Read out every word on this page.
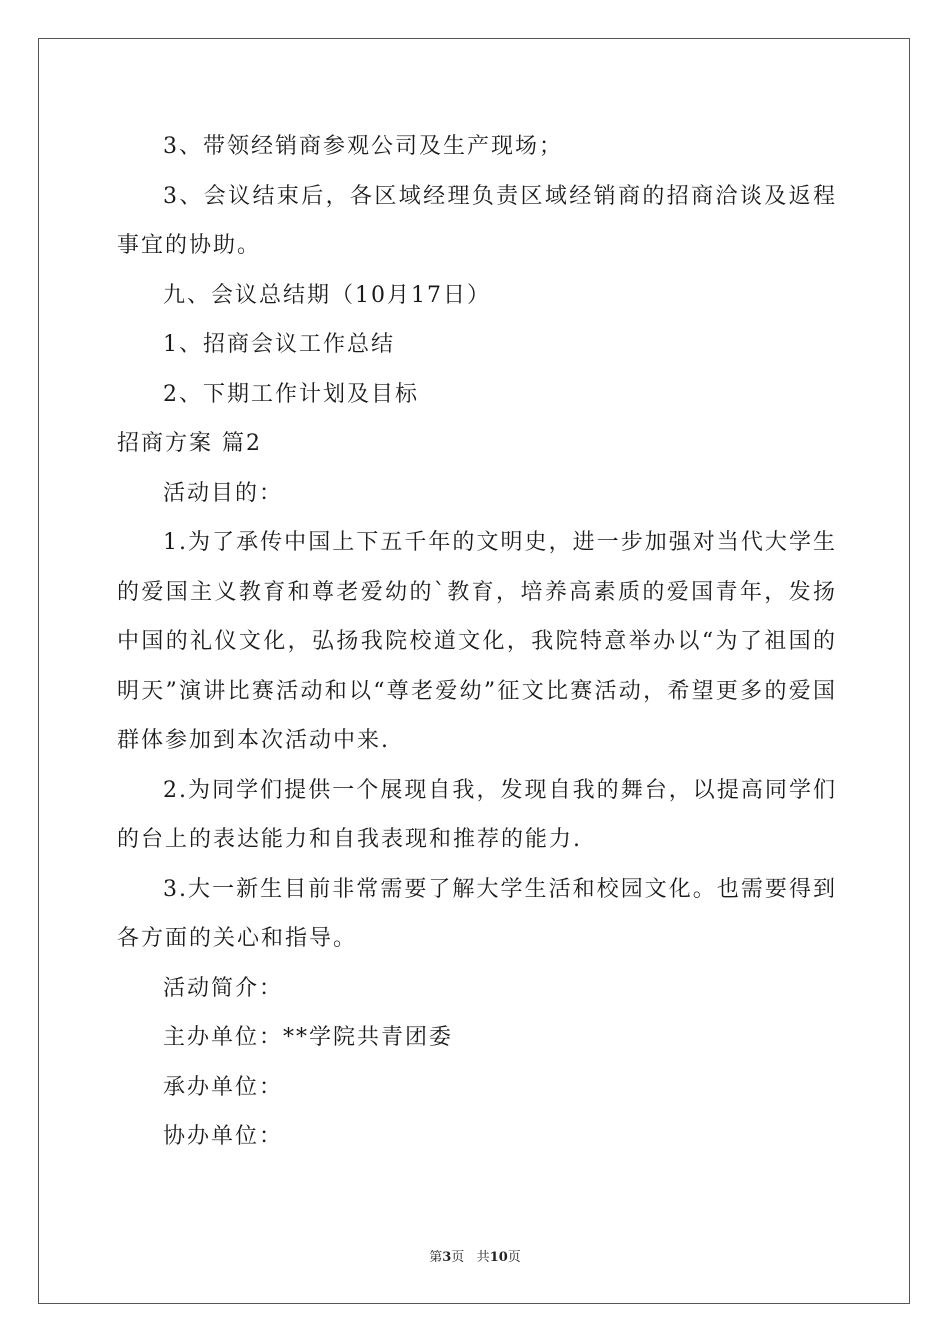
3、带领经销商参观公司及生产现场；

3、会议结束后，各区域经理负责区域经销商的招商洽谈及返程事宜的协助。

九、会议总结期（10月17日）

1、招商会议工作总结

2、下期工作计划及目标

招商方案 篇2

活动目的：

1.为了承传中国上下五千年的文明史，进一步加强对当代大学生的爱国主义教育和尊老爱幼的`教育，培养高素质的爱国青年，发扬中国的礼仪文化，弘扬我院校道文化，我院特意举办以“为了祖国的明天”演讲比赛活动和以“尊老爱幼”征文比赛活动，希望更多的爱国群体参加到本次活动中来.

2.为同学们提供一个展现自我，发现自我的舞台，以提高同学们的台上的表达能力和自我表现和推荐的能力.

3.大一新生目前非常需要了解大学生活和校园文化。也需要得到各方面的关心和指导。

活动简介：

主办单位：**学院共青团委

承办单位：

协办单位：

第3页 共10页
